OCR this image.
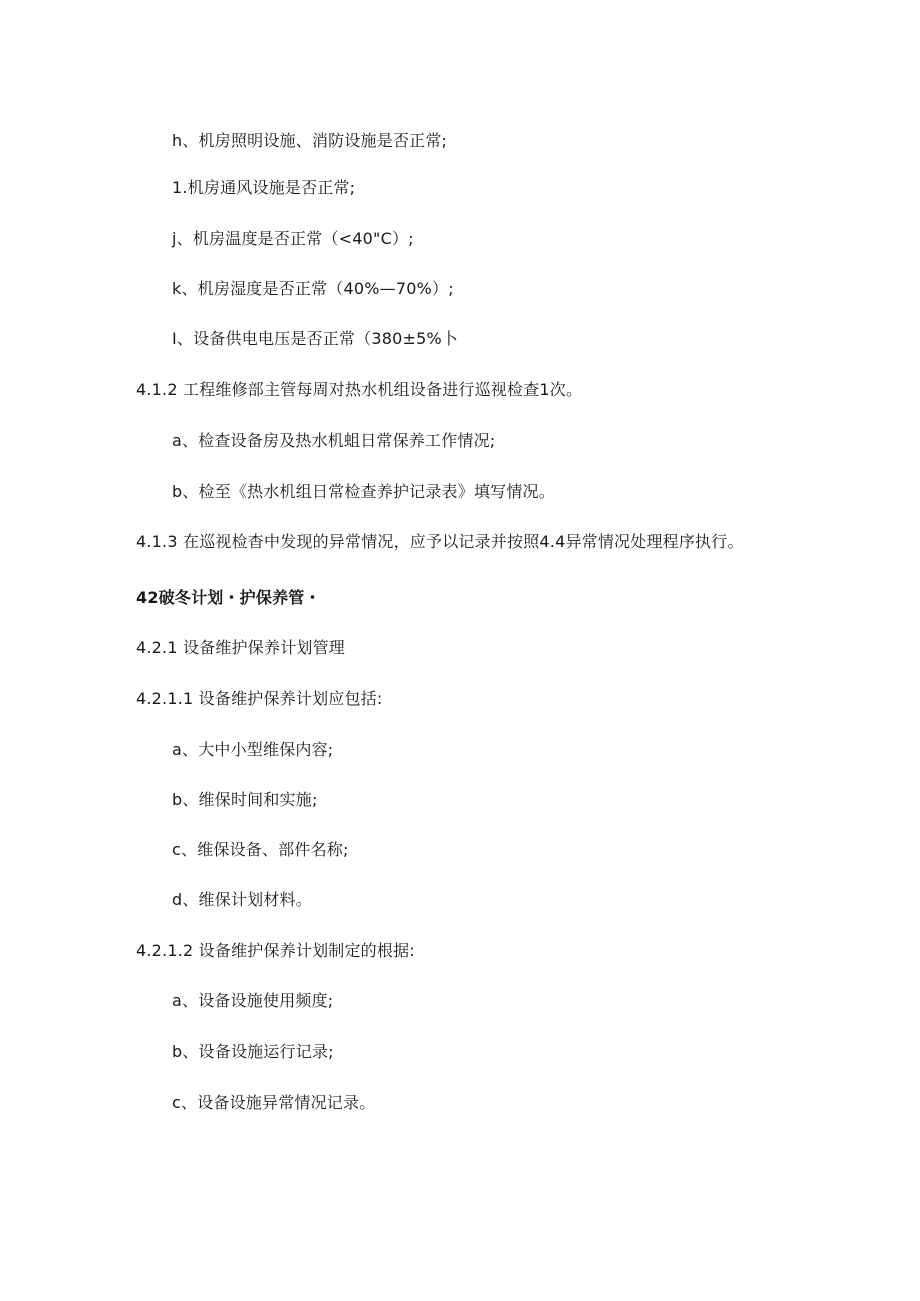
h、机房照明设施、消防设施是否正常;
1.机房通风设施是否正常;
j、机房温度是否正常（<40"C）;
k、机房湿度是否正常（40%—70%）;
I、设备供电电压是否正常（380±5%卜
4.1.2 工程维修部主管每周对热水机组设备进行巡视检查1次。
a、检查设备房及热水机蛆日常保养工作情况;
b、检至《热水机组日常检查养护记录表》填写情况。
4.1.3 在巡视检杳中发现的异常情况，应予以记录并按照4.4异常情况处理程序执行。
42破冬计划・护保养管・
4.2.1 设备维护保养计划管理
4.2.1.1 设备维护保养计划应包括:
a、大中小型维保内容;
b、维保时间和实施;
c、维保设备、部件名称;
d、维保计划材料。
4.2.1.2 设备维护保养计划制定的根据:
a、设备设施使用频度;
b、设备设施运行记录;
c、设备设施异常情况记录。
